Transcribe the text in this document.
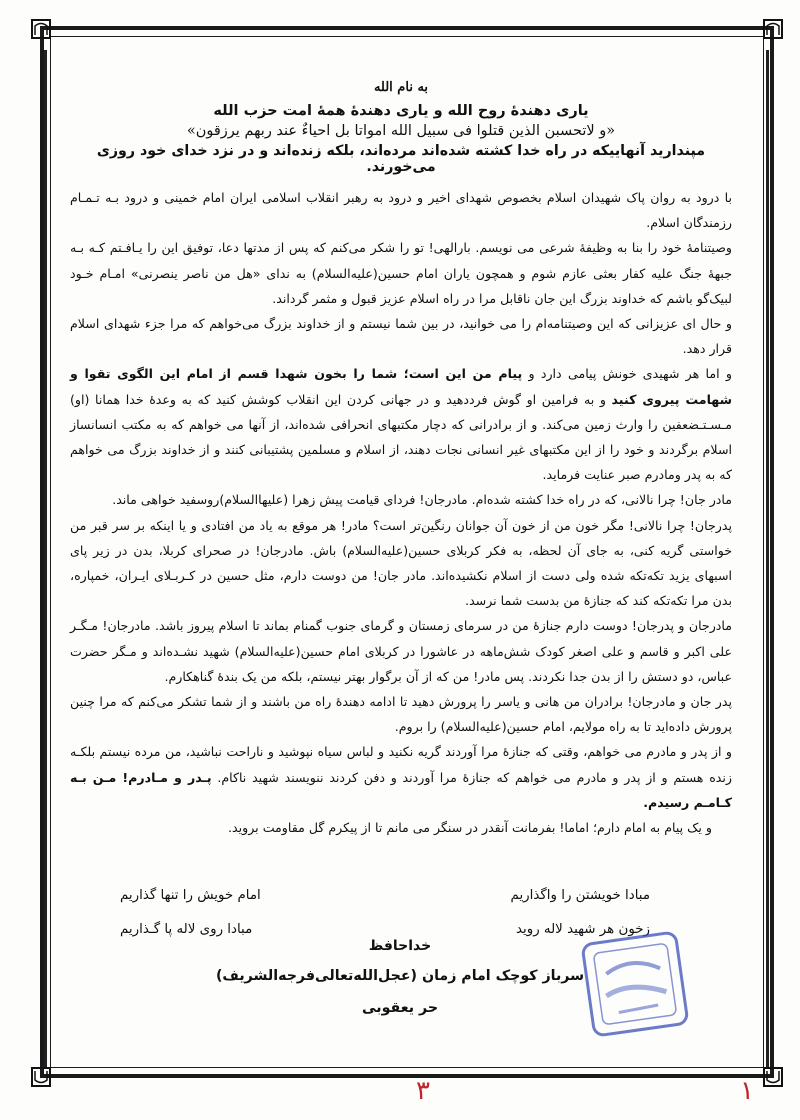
به نام الله

یاری دهندهٔ روح الله و یاری دهندهٔ همهٔ امت حزب الله

«و لاتحسبن الذین قتلوا فی سبیل الله امواتا بل احیاءٌ عند ربهم یرزقون»

مپندارید آنهاییکه در راه خدا کشته شده‌اند مرده‌اند، بلکه زنده‌اند و در نزد خدای خود روزی می‌خورند.

با درود به روان پاک شهیدان اسلام بخصوص شهدای اخیر و درود به رهبر انقلاب اسلامی ایران امام خمینی و درود بـه تـمـام رزمندگان اسلام.

وصیتنامهٔ خود را بنا به وظیفهٔ شرعی می نویسم. بارالهی! تو را شکر می‌کنم که پس از مدتها دعا، توفیق این را یـافـتم کـه بـه جبههٔ جنگ علیه کفار بعثی عازم شوم و همچون یاران امام حسین(علیه‌السلام) به ندای «هل من ناصر ینصرنی» امـام خـود لبیک‌گو باشم که خداوند بزرگ این جان ناقابل مرا در راه اسلام عزیز قبول و مثمر گرداند.

و حال ای عزیزانی که این وصیتنامه‌ام را می خوانید، در بین شما نیستم و از خداوند بزرگ می‌خواهم که مرا جزء شهدای اسلام قرار دهد.

و اما هر شهیدی خونش پیامی دارد و پیام من این است؛ شما را بخون شهدا قسم از امام این الگوی تقوا و شهامت پیروی کنید و به فرامین او گوش فرددهید و در جهانی کردن این انقلاب کوشش کنید که به وعدهٔ خدا همانا (او) مـسـتـضعفین را وارث زمین می‌کند. و از برادرانی که دچار مکتبهای انحرافی شده‌اند، از آنها می خواهم که به مکتب انسانساز اسلام برگردند و خود را از این مکتبهای غیر انسانی نجات دهند، از اسلام و مسلمین پشتیبانی کنند و از خداوند بزرگ می خواهم که به پدر ومادرم صبر عنایت فرماید.

مادر جان! چرا نالانی، که در راه خدا کشته شده‌ام. مادرجان! فردای قیامت پیش زهرا (علیهاالسلام)روسفید خواهی ماند.

پدرجان! چرا نالانی! مگر خون من از خون آن جوانان رنگین‌تر است؟ مادر! هر موقع به یاد من افتادی و یا اینکه بر سر قبر من خواستی گریه کنی، به جای آن لحظه، به فکر کربلای حسین(علیه‌السلام) باش. مادرجان! در صحرای کربلا، بدن در زیر پای اسبهای یزید تکه‌تکه شده ولی دست از اسلام نکشیده‌اند. مادر جان! من دوست دارم، مثل حسین در کـربـلای ایـران، خمپاره، بدن مرا تکه‌تکه کند که جنازهٔ من بدست شما نرسد.

مادرجان و پدرجان! دوست دارم جنازهٔ من در سرمای زمستان و گرمای جنوب گمنام بماند تا اسلام پیروز باشد. مادرجان! مـگـر علی اکبر و قاسم و علی اصغر کودک شش‌ماهه در عاشورا در کربلای امام حسین(علیه‌السلام) شهید نشـده‌اند و مـگر حضرت عباس، دو دستش را از بدن جدا نکردند. پس مادر! من که از آن برگوار بهتر نیستم، بلکه من یک بندهٔ گناهکارم.

پدر جان و مادرجان! برادران من هانی و یاسر را پرورش دهید تا ادامه دهندهٔ راه من باشند و از شما تشکر می‌کنم که مرا چنین پرورش داده‌اید تا به راه مولایم، امام حسین(علیه‌السلام) را بروم.

و از پدر و مادرم می خواهم، وقتی که جنازهٔ مرا آوردند گریه نکنید و لباس سیاه نپوشید و ناراحت نباشید، من مرده نیستم بلکـه زنده هستم و از پدر و مادرم می خواهم که جنازهٔ مرا آوردند و دفن کردند ننویسند شهید ناکام. پـدر و مـادرم! مـن بـه کـامـم رسیدم.

و یک پیام به امام دارم؛ اماما! بفرمانت آنقدر در سنگر می مانم تا از پیکرم گل مقاومت بروید.

مبادا خویشتن را واگذاریم
امام خویش را تنها گذاریم
زخون هر شهید لاله روید
مبادا روی لاله پا گـذاریم
خداحافظ
سرباز کوچک امام زمان (عجل‌الله‌تعالی‌فرجه‌الشریف)
حر یعقوبی
۳	۱
